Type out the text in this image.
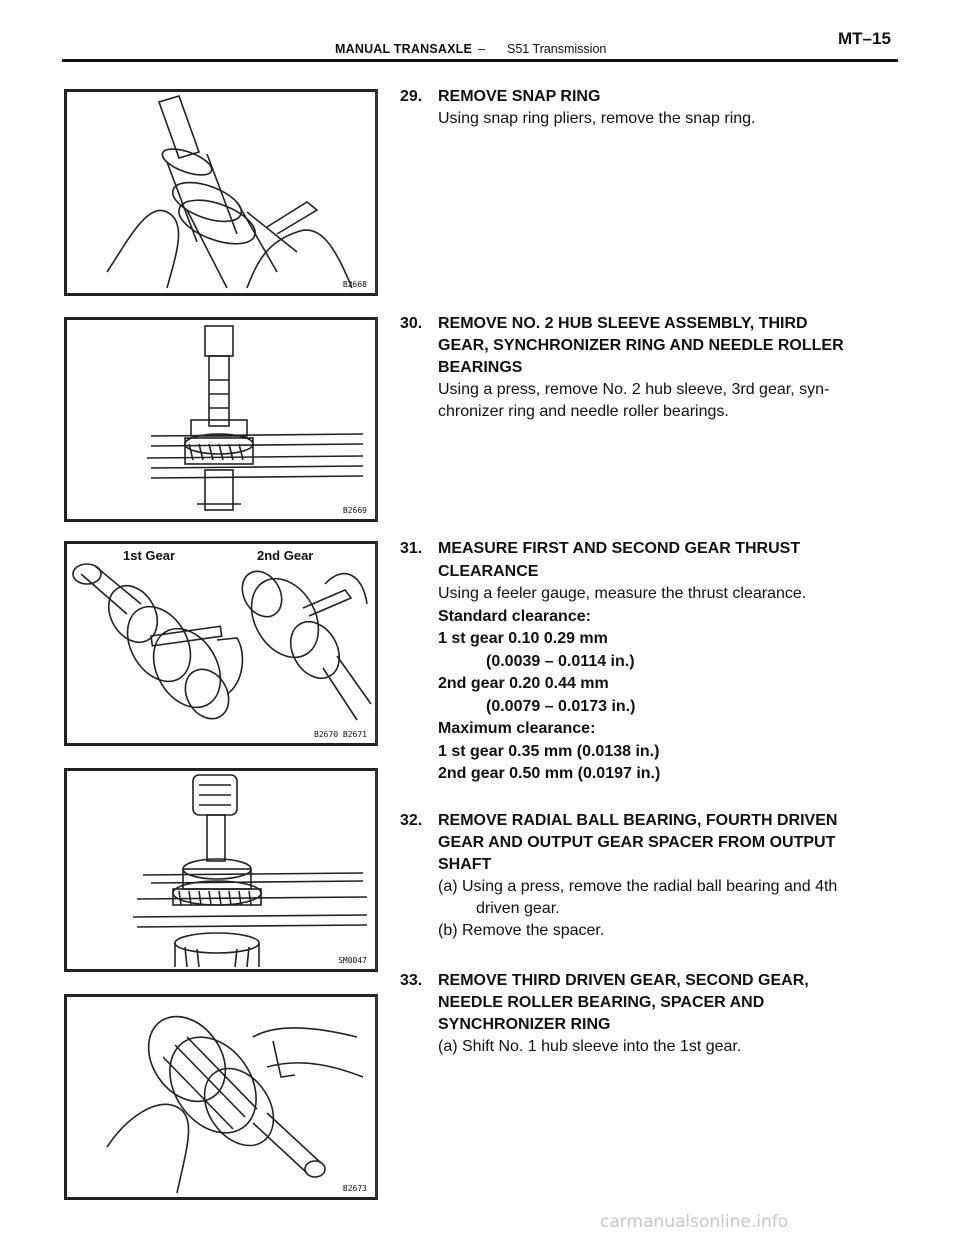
MANUAL TRANSAXLE – S51 Transmission
MT–15
B2668
B2669
1st Gear	2nd Gear
B2670 B2671
SM0047
B2673
29. REMOVE SNAP RING

Using snap ring pliers, remove the snap ring.

30. REMOVE NO. 2 HUB SLEEVE ASSEMBLY, THIRD
GEAR, SYNCHRONIZER RING AND NEEDLE ROLLER
BEARINGS

Using a press, remove No. 2 hub sleeve, 3rd gear, syn-

chronizer ring and needle roller bearings.

31. MEASURE FIRST AND SECOND GEAR THRUST
CLEARANCE

Using a feeler gauge, measure the thrust clearance.

Standard clearance:
1 st gear 0.10 0.29 mm
(0.0039 – 0.0114 in.)
2nd gear 0.20 0.44 mm
(0.0079 – 0.0173 in.)
Maximum clearance:
1 st gear 0.35 mm (0.0138 in.)
2nd gear 0.50 mm (0.0197 in.)
32. REMOVE RADIAL BALL BEARING, FOURTH DRIVEN
GEAR AND OUTPUT GEAR SPACER FROM OUTPUT
SHAFT
(a) Using a press, remove the radial ball bearing and 4th
driven gear.
(b) Remove the spacer.
33. REMOVE THIRD DRIVEN GEAR, SECOND GEAR,
NEEDLE ROLLER BEARING, SPACER AND
SYNCHRONIZER RING
(a) Shift No. 1 hub sleeve into the 1st gear.
carmanualsonline.info
